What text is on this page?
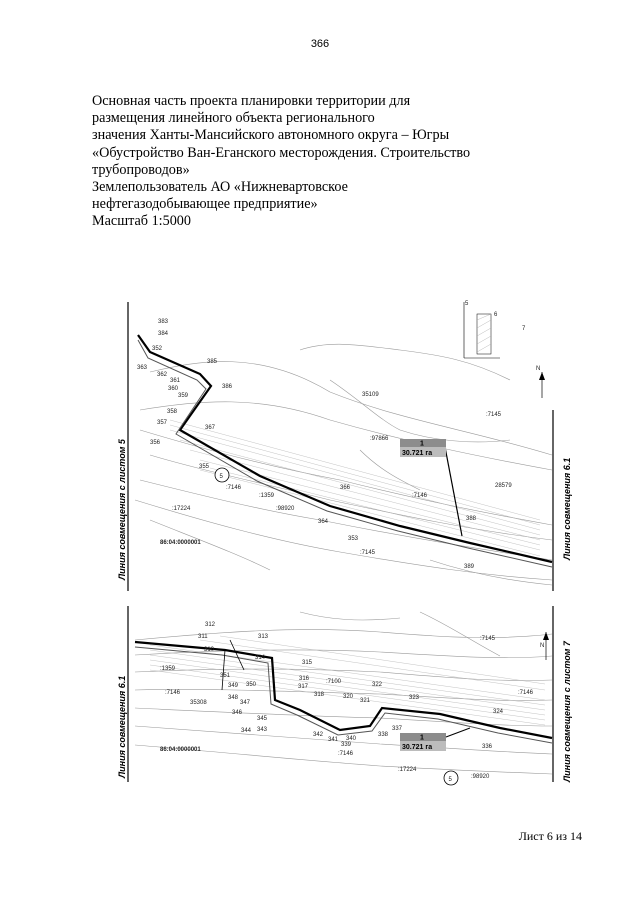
366
Основная часть проекта планировки территории для
размещения линейного объекта регионального
значения Ханты-Мансийского автономного округа – Югры
«Обустройство Ван-Еганского месторождения. Строительство
трубопроводов»
Землепользователь АО «Нижневартовское
нефтегазодобывающее предприятие»
Масштаб 1:5000
1
30.721 га
86:04:0000001
5
5
6
7
N
:7145
:97866
35109
:7146
28579
:7146
:1359
:98920
:17224
:7145
383
384
363
385
386
362
361
360
359
358
357
356
355
367
366
364	388
353
389
352
Линия совмещения с листом 5	Линия совмещения 6.1
1
30.721 га
86:04:0000001
5
N
:7145
:1359
:7146
35308
:7100
:7146
:7146
:17224
:98920
312
311	313
310
314
315
351
349 350
316
348
317
318
347
346
345
344 343
342
341 340
339
338
337
320
321
322
323
324
336
Линия совмещения 6.1	Линия совмещения с листом 7
Лист 6 из 14
